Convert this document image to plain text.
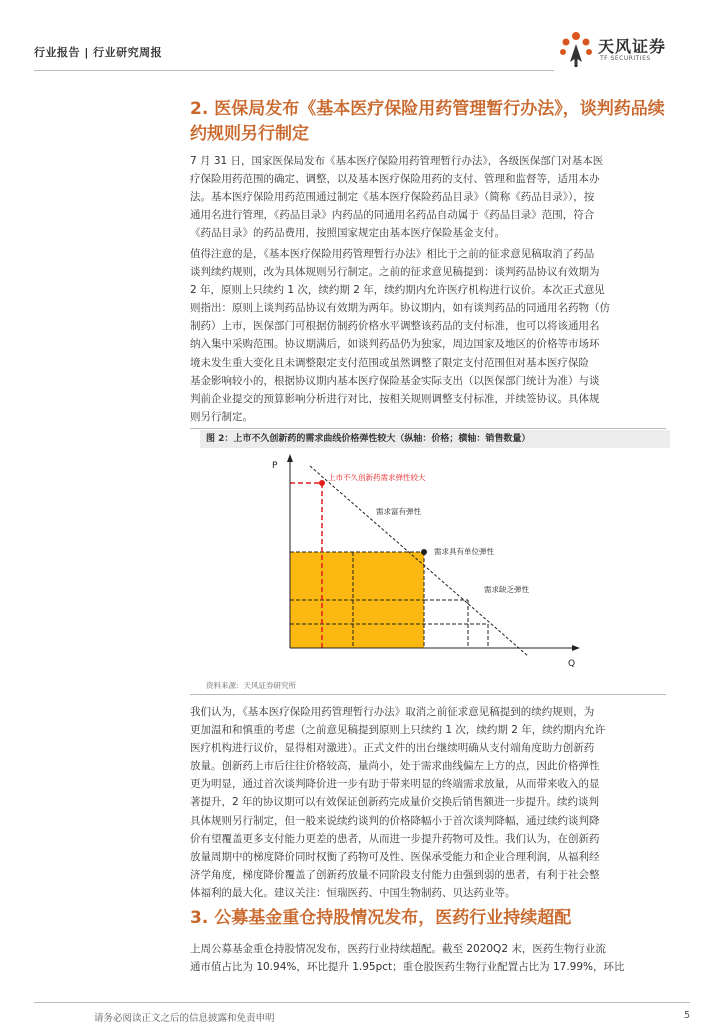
行业报告 | 行业研究周报	天风证券
TF SECURITIES
2. 医保局发布《基本医疗保险用药管理暂行办法》，谈判药品续
约规则另行制定
7 月 31 日，国家医保局发布《基本医疗保险用药管理暂行办法》，各级医保部门对基本医
疗保险用药范围的确定、调整，以及基本医疗保险用药的支付、管理和监督等，适用本办
法。基本医疗保险用药范围通过制定《基本医疗保险药品目录》（简称《药品目录》），按
通用名进行管理，《药品目录》内药品的同通用名药品自动属于《药品目录》范围，符合
《药品目录》的药品费用，按照国家规定由基本医疗保险基金支付。
值得注意的是，《基本医疗保险用药管理暂行办法》相比于之前的征求意见稿取消了药品
谈判续约规则，改为具体规则另行制定。之前的征求意见稿提到：谈判药品协议有效期为
2 年，原则上只续约 1 次，续约期 2 年，续约期内允许医疗机构进行议价。本次正式意见
则指出：原则上谈判药品协议有效期为两年。协议期内，如有谈判药品的同通用名药物（仿
制药）上市，医保部门可根据仿制药价格水平调整该药品的支付标准，也可以将该通用名
纳入集中采购范围。协议期满后，如谈判药品仍为独家，周边国家及地区的价格等市场环
境未发生重大变化且未调整限定支付范围或虽然调整了限定支付范围但对基本医疗保险
基金影响较小的，根据协议期内基本医疗保险基金实际支出（以医保部门统计为准）与谈
判前企业提交的预算影响分析进行对比，按相关规则调整支付标准，并续签协议。具体规
则另行制定。
图 2：上市不久创新药的需求曲线价格弹性较大（纵轴：价格；横轴：销售数量）
P
Q
上市不久创新药需求弹性较大
需求富有弹性
需求具有单位弹性
需求缺乏弹性
资料来源：天风证券研究所
我们认为，《基本医疗保险用药管理暂行办法》取消之前征求意见稿提到的续约规则，为
更加温和和慎重的考虑（之前意见稿提到原则上只续约 1 次，续约期 2 年，续约期内允许
医疗机构进行议价，显得相对激进）。正式文件的出台继续明确从支付端角度助力创新药
放量。创新药上市后往往价格较高，量尚小，处于需求曲线偏左上方的点，因此价格弹性
更为明显，通过首次谈判降价进一步有助于带来明显的终端需求放量，从而带来收入的显
著提升，2 年的协议期可以有效保证创新药完成量价交换后销售额进一步提升。续约谈判
具体规则另行制定，但一般来说续约谈判的价格降幅小于首次谈判降幅，通过续约谈判降
价有望覆盖更多支付能力更差的患者，从而进一步提升药物可及性。我们认为，在创新药
放量周期中的梯度降价同时权衡了药物可及性、医保承受能力和企业合理利润，从福利经
济学角度，梯度降价覆盖了创新药放量不同阶段支付能力由强到弱的患者，有利于社会整
体福利的最大化。建议关注：恒瑞医药、中国生物制药、贝达药业等。
3. 公募基金重仓持股情况发布，医药行业持续超配
上周公募基金重仓持股情况发布，医药行业持续超配。截至 2020Q2 末，医药生物行业流
通市值占比为 10.94%，环比提升 1.95pct；重仓股医药生物行业配置占比为 17.99%，环比
请务必阅读正文之后的信息披露和免责申明	5
